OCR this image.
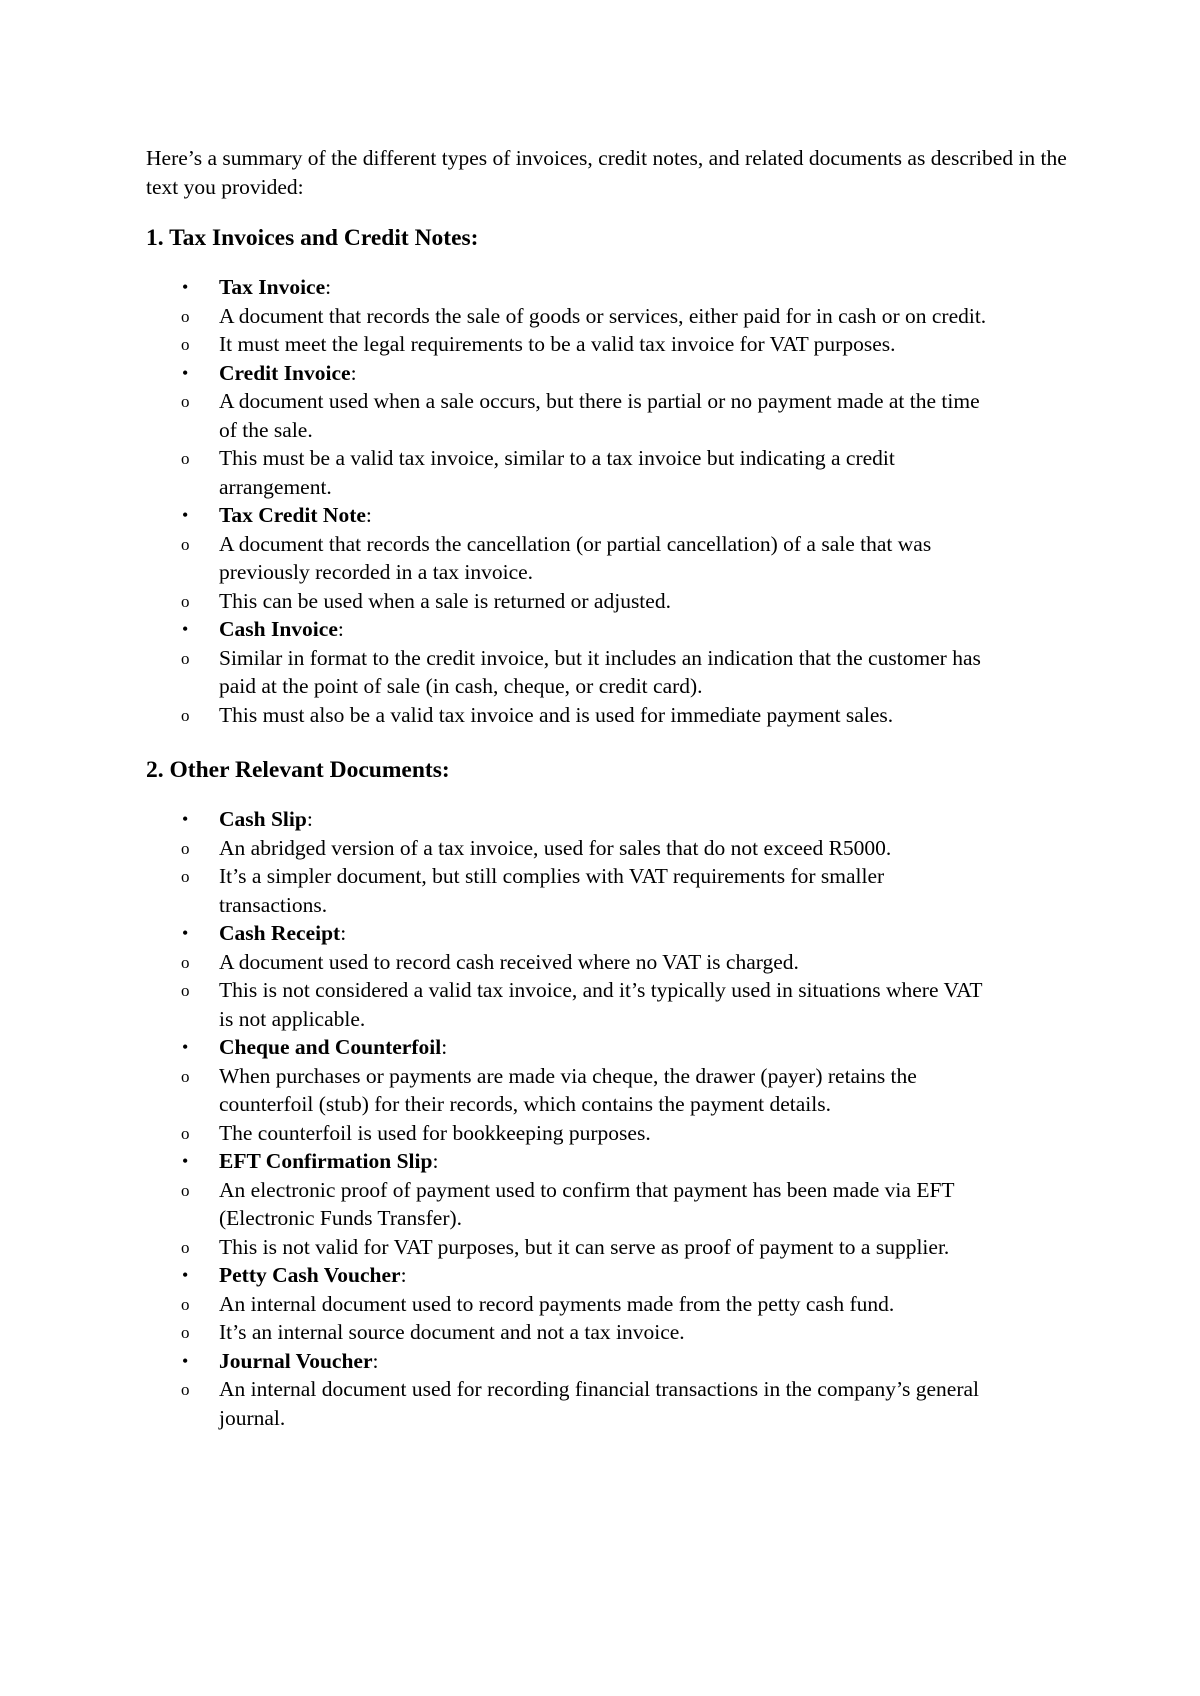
Here’s a summary of the different types of invoices, credit notes, and related documents as described in the text you provided:

1. Tax Invoices and Credit Notes:
• Tax Invoice:
o A document that records the sale of goods or services, either paid for in cash or on credit.
o It must meet the legal requirements to be a valid tax invoice for VAT purposes.
• Credit Invoice:
o A document used when a sale occurs, but there is partial or no payment made at the time of the sale.
o This must be a valid tax invoice, similar to a tax invoice but indicating a credit arrangement.
• Tax Credit Note:
o A document that records the cancellation (or partial cancellation) of a sale that was previously recorded in a tax invoice.
o This can be used when a sale is returned or adjusted.
• Cash Invoice:
o Similar in format to the credit invoice, but it includes an indication that the customer has paid at the point of sale (in cash, cheque, or credit card).
o This must also be a valid tax invoice and is used for immediate payment sales.
2. Other Relevant Documents:
• Cash Slip:
o An abridged version of a tax invoice, used for sales that do not exceed R5000.
o It’s a simpler document, but still complies with VAT requirements for smaller transactions.
• Cash Receipt:
o A document used to record cash received where no VAT is charged.
o This is not considered a valid tax invoice, and it’s typically used in situations where VAT is not applicable.
• Cheque and Counterfoil:
o When purchases or payments are made via cheque, the drawer (payer) retains the counterfoil (stub) for their records, which contains the payment details.
o The counterfoil is used for bookkeeping purposes.
• EFT Confirmation Slip:
o An electronic proof of payment used to confirm that payment has been made via EFT (Electronic Funds Transfer).
o This is not valid for VAT purposes, but it can serve as proof of payment to a supplier.
• Petty Cash Voucher:
o An internal document used to record payments made from the petty cash fund.
o It’s an internal source document and not a tax invoice.
• Journal Voucher:
o An internal document used for recording financial transactions in the company’s general journal.
